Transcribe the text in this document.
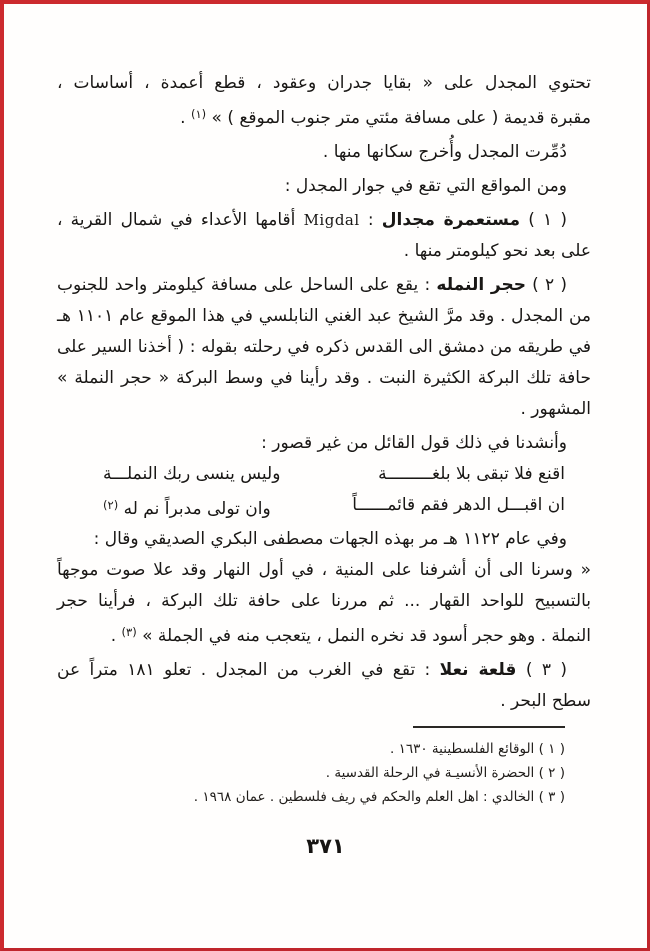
تحتوي المجدل على « بقايا جدران وعقود ، قطع أعمدة ، أساسات ،
مقبرة قديمة ( على مسافة مئتي متر جنوب الموقع ) » $^{(١)}$ .
دُمِّرت المجدل وأُخرج سكانها منها .
ومن المواقع التي تقع في جوار المجدل :
( ١ ) مستعمرة مجدال : Migdal أقامها الأعداء في شمال القرية ،
على بعد نحو كيلومتر منها .
( ٢ ) حجر النمله : يقع على الساحل على مسافة كيلومتر واحد للجنوب
من المجدل . وقد مرَّ الشيخ عبد الغني النابلسي في هذا الموقع عام ١١٠١ هـ
في طريقه من دمشق الى القدس ذكره في رحلته بقوله : ( أخذنا السير على
حافة تلك البركة الكثيرة النبت . وقد رأينا في وسط البركة « حجر النملة »
المشهور .
وأنشدنا في ذلك قول القائل من غير قصور :
اقنع فلا تبقى بلا بلغـــــــــة
وليس ينسى ربك النملـــة
ان اقبـــل الدهر فقم قائمــــــاً
وان تولى مدبراً نم له $^{(٢)}$
وفي عام ١١٢٢ هـ مر بهذه الجهات مصطفى البكري الصديقي وقال :
« وسرنا الى أن أشرفنا على المنية ، في أول النهار وقد علا صوت موجهاً
بالتسبيح للواحد القهار ... ثم مررنا على حافة تلك البركة ، فرأينا حجر
النملة . وهو حجر أسود قد نخره النمل ، يتعجب منه في الجملة » $^{(٣)}$ .
( ٣ ) قلعة نعلا : تقع في الغرب من المجدل . تعلو ١٨١ متراً عن
سطح البحر .
( ١ ) الوقائع الفلسطينية ١٦٣٠ .
( ٢ ) الحضرة الأنسيـة في الرحلة القدسية .
( ٣ ) الخالدي : اهل العلم والحكم في ريف فلسطين . عمان ١٩٦٨ .
٣٧١
